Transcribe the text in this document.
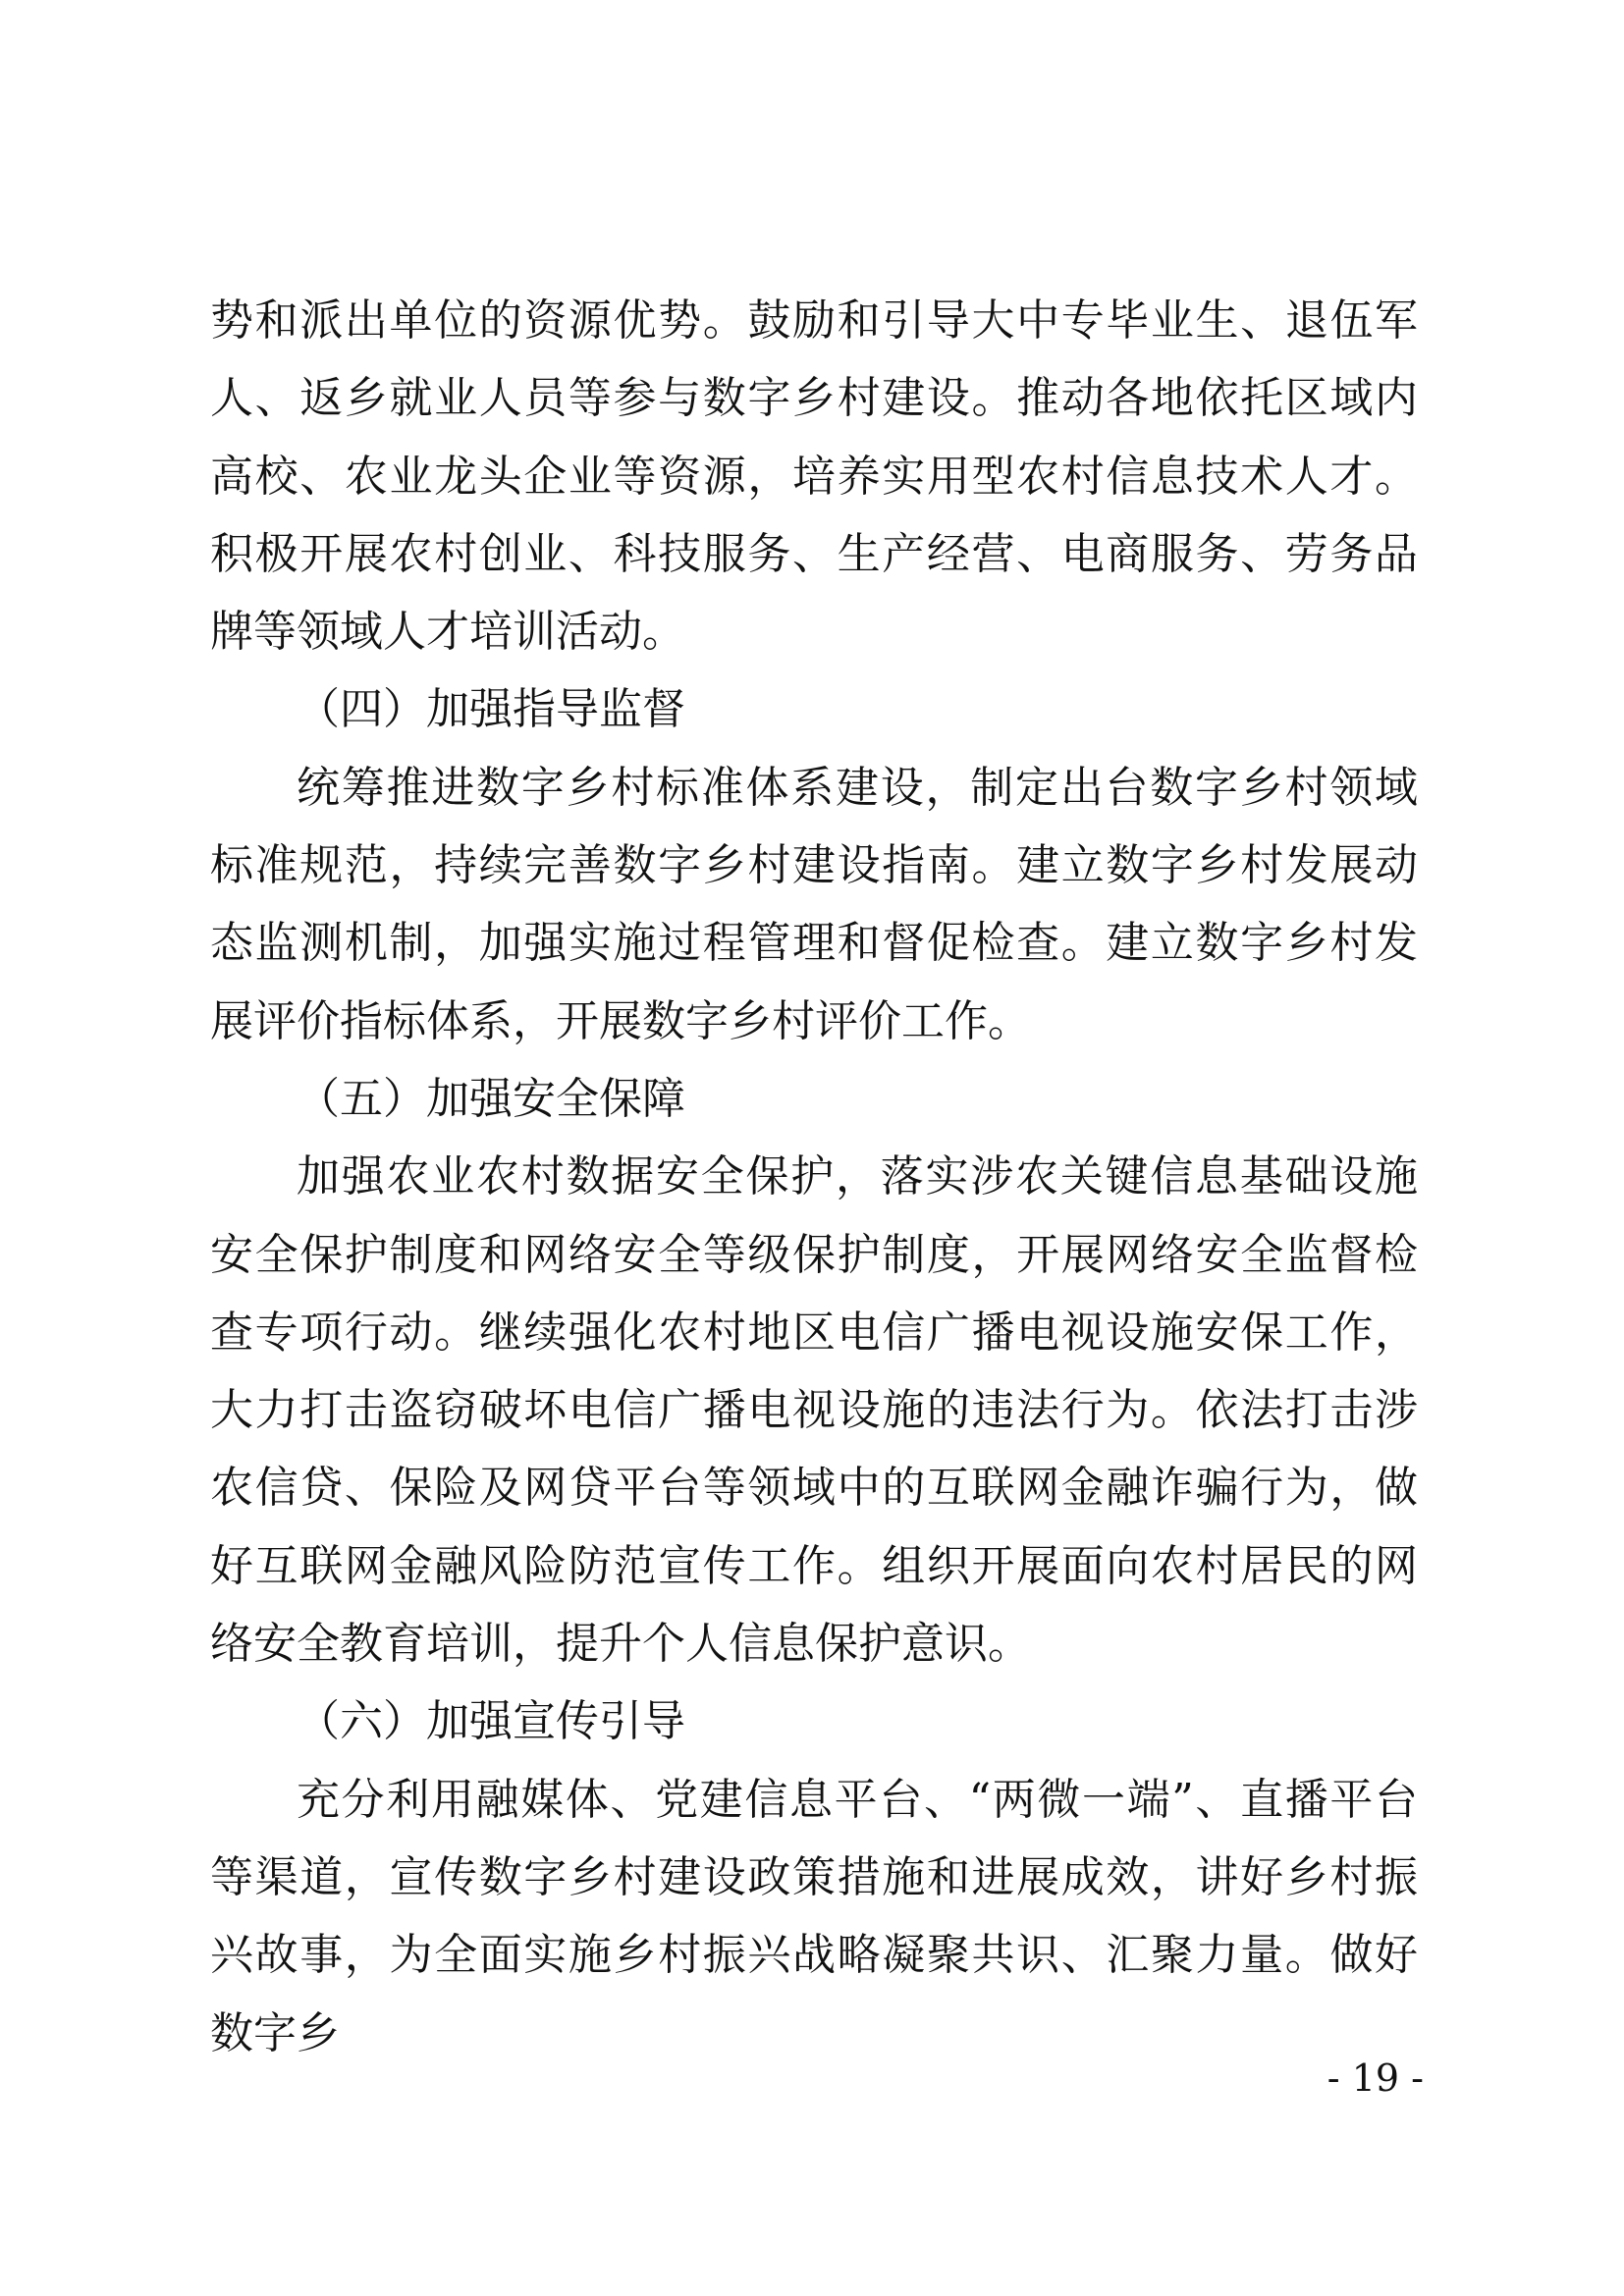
势和派出单位的资源优势。鼓励和引导大中专毕业生、退伍军人、返乡就业人员等参与数字乡村建设。推动各地依托区域内高校、农业龙头企业等资源，培养实用型农村信息技术人才。积极开展农村创业、科技服务、生产经营、电商服务、劳务品牌等领域人才培训活动。

（四）加强指导监督

统筹推进数字乡村标准体系建设，制定出台数字乡村领域标准规范，持续完善数字乡村建设指南。建立数字乡村发展动态监测机制，加强实施过程管理和督促检查。建立数字乡村发展评价指标体系，开展数字乡村评价工作。

（五）加强安全保障

加强农业农村数据安全保护，落实涉农关键信息基础设施安全保护制度和网络安全等级保护制度，开展网络安全监督检查专项行动。继续强化农村地区电信广播电视设施安保工作，大力打击盗窃破坏电信广播电视设施的违法行为。依法打击涉农信贷、保险及网贷平台等领域中的互联网金融诈骗行为，做好互联网金融风险防范宣传工作。组织开展面向农村居民的网络安全教育培训，提升个人信息保护意识。

（六）加强宣传引导

充分利用融媒体、党建信息平台、“两微一端”、直播平台等渠道，宣传数字乡村建设政策措施和进展成效，讲好乡村振兴故事，为全面实施乡村振兴战略凝聚共识、汇聚力量。做好数字乡

- 19 -
